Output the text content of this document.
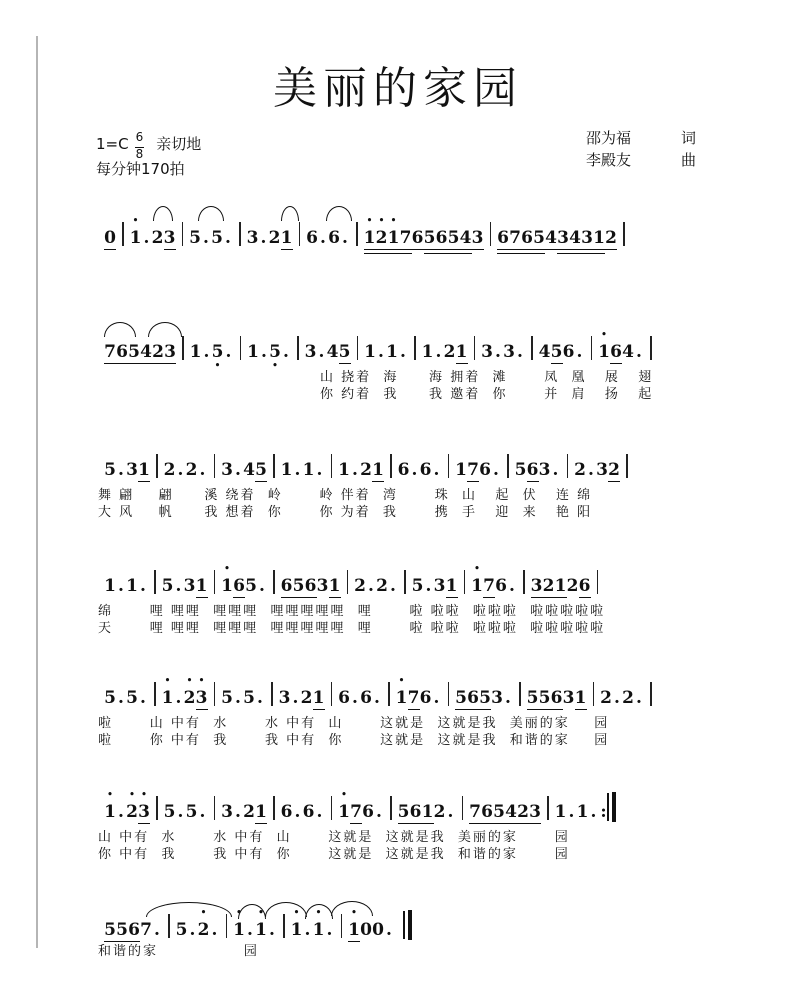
美丽的家园
$1=C \frac{6}{8}$ 亲切地
每分钟170拍
邵为福	词
李殿友	曲
0 • 1 . 2 3 5 . 5 . 3 . 2 1 6 . 6 . • 1 • 2 • 1 7 6 5 6 5 4 3 6 7 6 5 4 3 4 3 1 2
7 6 5 4 2 3 1 . • 5 . 1 . • 5 . 3 . 4 5 1 . 1 . 1 . 2 1 3 . 3 . 4 5 6 . • 1 6 4 .
山 挠着  海     海 拥着  滩      凤  凰   展   翅
你 约着  我     我 邀着  你      并  肩   扬   起
5 . 3 1 2 . 2 . 3 . 4 5 1 . 1 . 1 . 2 1 6 . 6 . 1 7 6 . 5 6 3 . 2 . 3 2
舞 翩    翩     溪 绕着  岭      岭 伴着  湾      珠  山   起  伏   连 绵
大 风    帆     我 想着  你      你 为着  我      携  手   迎  来   艳 阳
1 . 1 . 5 . 3 1 • 1 6 5 . 6 5 6 3 1 2 . 2 . 5 . 3 1 • 1 7 6 . 3 2 1 2 6
绵      哩 哩哩  哩哩哩  哩哩哩哩哩  哩      啦 啦啦  啦啦啦  啦啦啦啦啦
天      哩 哩哩  哩哩哩  哩哩哩哩哩  哩      啦 啦啦  啦啦啦  啦啦啦啦啦
5 . 5 . • 1 . • 2 • 3 5 . 5 . 3 . 2 1 6 . 6 . • 1 7 6 . 5 6 5 3 . 5 5 6 3 1 2 . 2 .
啦      山 中有  水      水 中有  山      这就是  这就是我  美丽的家    园
啦      你 中有  我      我 中有  你      这就是  这就是我  和谐的家    园
• 1 . • 2 • 3 5 . 5 . 3 . 2 1 6 . 6 . • 1 7 6 . 5 6 1 2 . 7 6 5 4 2 3 1 . 1 . :
山 中有  水      水 中有  山      这就是  这就是我  美丽的家      园
你 中有  我      我 中有  你      这就是  这就是我  和谐的家      园
5 5 6 7 . 5 . • 2 . • 1 . • 1 . • 1 . • 1 . • 1 0 0 .
和谐的家              园
